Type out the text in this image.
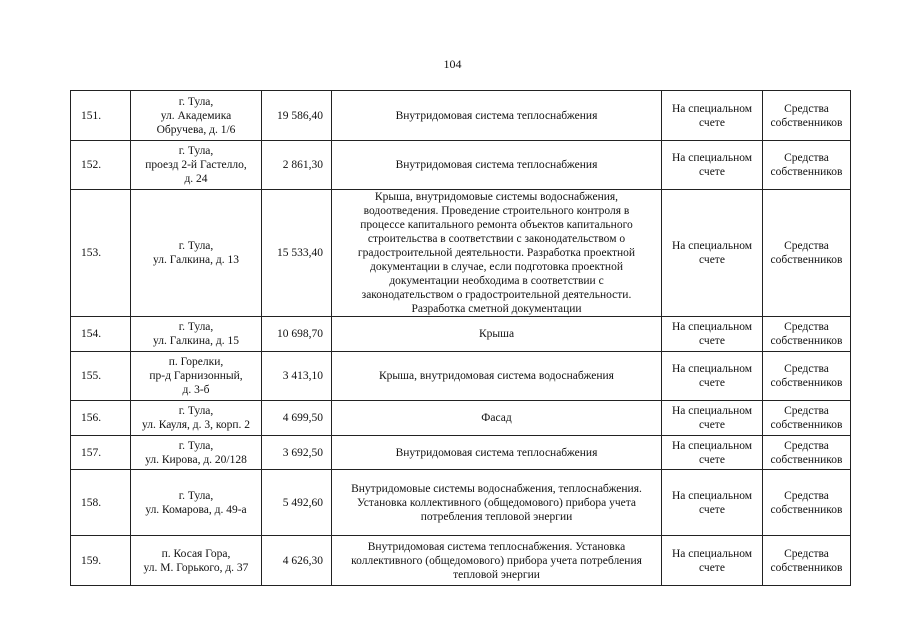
104
151.	г. Тула,
ул. Академика
Обручева, д. 1/6	19 586,40	Внутридомовая система теплоснабжения	На специальном
счете	Средства
собственников
152.	г. Тула,
проезд 2-й Гастелло,
д. 24	2 861,30	Внутридомовая система теплоснабжения	На специальном
счете	Средства
собственников
153.	г. Тула,
ул. Галкина, д. 13	15 533,40	Крыша, внутридомовые системы водоснабжения, водоотведения. Проведение строительного контроля в процессе капитального ремонта объектов капитального строительства в соответствии с законодательством о градостроительной деятельности. Разработка проектной документации в случае, если подготовка проектной документации необходима в соответствии с законодательством о градостроительной деятельности. Разработка сметной документации	На специальном
счете	Средства
собственников
154.	г. Тула,
ул. Галкина, д. 15	10 698,70	Крыша	На специальном
счете	Средства
собственников
155.	п. Горелки,
пр-д Гарнизонный,
д. 3-б	3 413,10	Крыша, внутридомовая система водоснабжения	На специальном
счете	Средства
собственников
156.	г. Тула,
ул. Кауля, д. 3, корп. 2	4 699,50	Фасад	На специальном
счете	Средства
собственников
157.	г. Тула,
ул. Кирова, д. 20/128	3 692,50	Внутридомовая система теплоснабжения	На специальном
счете	Средства
собственников
158.	г. Тула,
ул. Комарова, д. 49-а	5 492,60	Внутридомовые системы водоснабжения, теплоснабжения. Установка коллективного (общедомового) прибора учета потребления тепловой энергии	На специальном
счете	Средства
собственников
159.	п. Косая Гора,
ул. М. Горького, д. 37	4 626,30	Внутридомовая система теплоснабжения. Установка коллективного (общедомового) прибора учета потребления тепловой энергии	На специальном
счете	Средства
собственников
